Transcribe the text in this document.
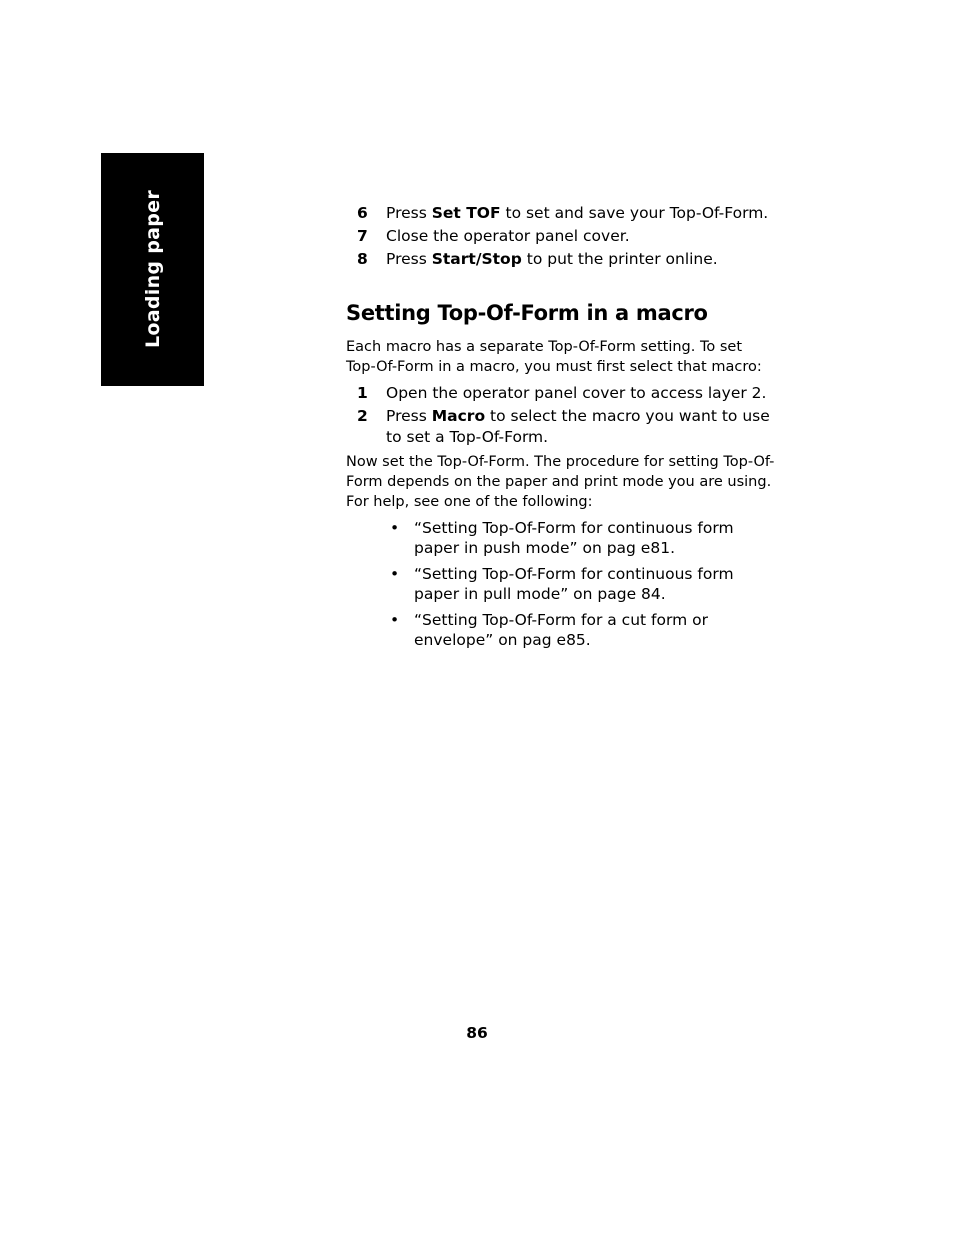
Loading paper	6 Press Set TOF to set and save your Top-Of-Form.
7 Close the operator panel cover.
8 Press Start/Stop to put the printer online.
Setting Top-Of-Form in a macro

Each macro has a separate Top-Of-Form setting. To set Top-Of-Form in a macro, you must first select that macro:

1 Open the operator panel cover to access layer 2.
2 Press Macro to select the macro you want to use to set a Top-Of-Form.

Now set the Top-Of-Form. The procedure for setting Top-Of-Form depends on the paper and print mode you are using. For help, see one of the following:

• “Setting Top-Of-Form for continuous form paper in push mode” on pag e81.
• “Setting Top-Of-Form for continuous form paper in pull mode” on page 84.
• “Setting Top-Of-Form for a cut form or envelope” on pag e85.
86
